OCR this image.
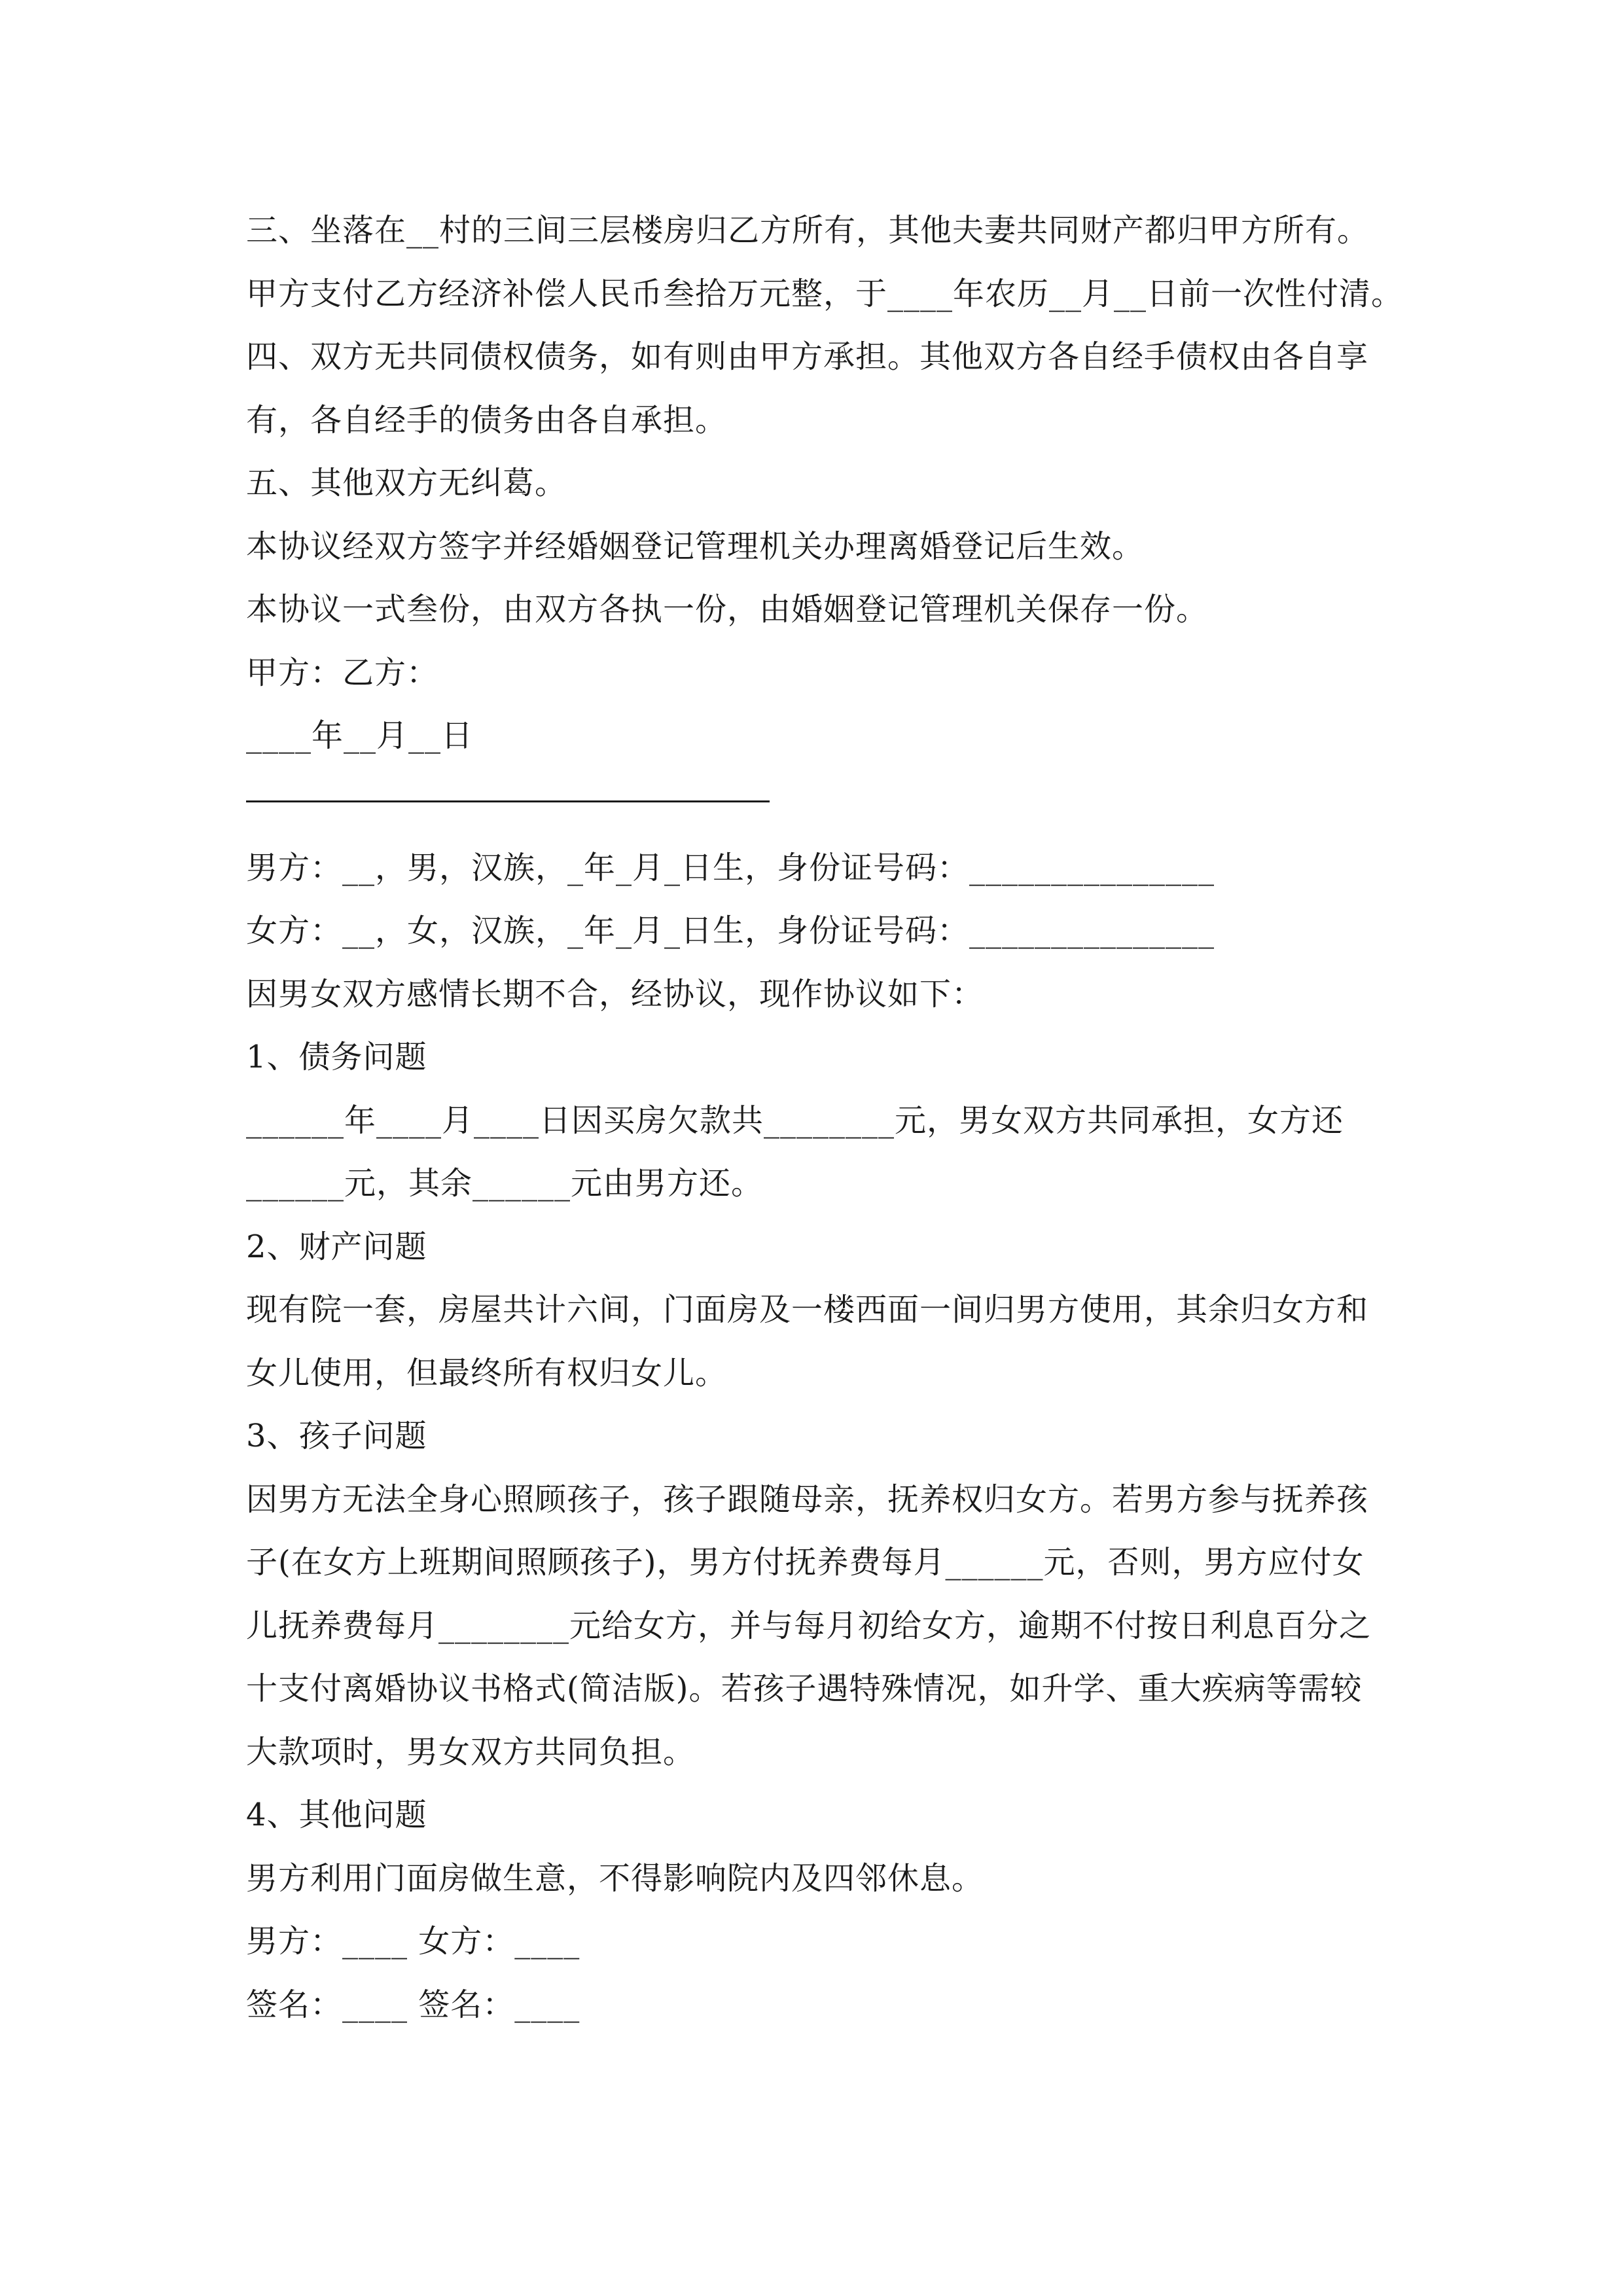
三、坐落在__村的三间三层楼房归乙方所有，其他夫妻共同财产都归甲方所有。
甲方支付乙方经济补偿人民币叁拾万元整，于____年农历__月__日前一次性付清。
四、双方无共同债权债务，如有则由甲方承担。其他双方各自经手债权由各自享
有，各自经手的债务由各自承担。
五、其他双方无纠葛。
本协议经双方签字并经婚姻登记管理机关办理离婚登记后生效。
本协议一式叁份，由双方各执一份，由婚姻登记管理机关保存一份。
甲方：乙方：
____年__月__日
男方：__，男，汉族，_年_月_日生，身份证号码：_______________
女方：__，女，汉族，_年_月_日生，身份证号码：_______________
因男女双方感情长期不合，经协议，现作协议如下：
1、债务问题
______年____月____日因买房欠款共________元，男女双方共同承担，女方还
______元，其余______元由男方还。
2、财产问题
现有院一套，房屋共计六间，门面房及一楼西面一间归男方使用，其余归女方和
女儿使用，但最终所有权归女儿。
3、孩子问题
因男方无法全身心照顾孩子，孩子跟随母亲，抚养权归女方。若男方参与抚养孩
子(在女方上班期间照顾孩子)，男方付抚养费每月______元，否则，男方应付女
儿抚养费每月________元给女方，并与每月初给女方，逾期不付按日利息百分之
十支付离婚协议书格式(简洁版)。若孩子遇特殊情况，如升学、重大疾病等需较
大款项时，男女双方共同负担。
4、其他问题
男方利用门面房做生意，不得影响院内及四邻休息。
男方：____ 女方：____
签名：____ 签名：____
